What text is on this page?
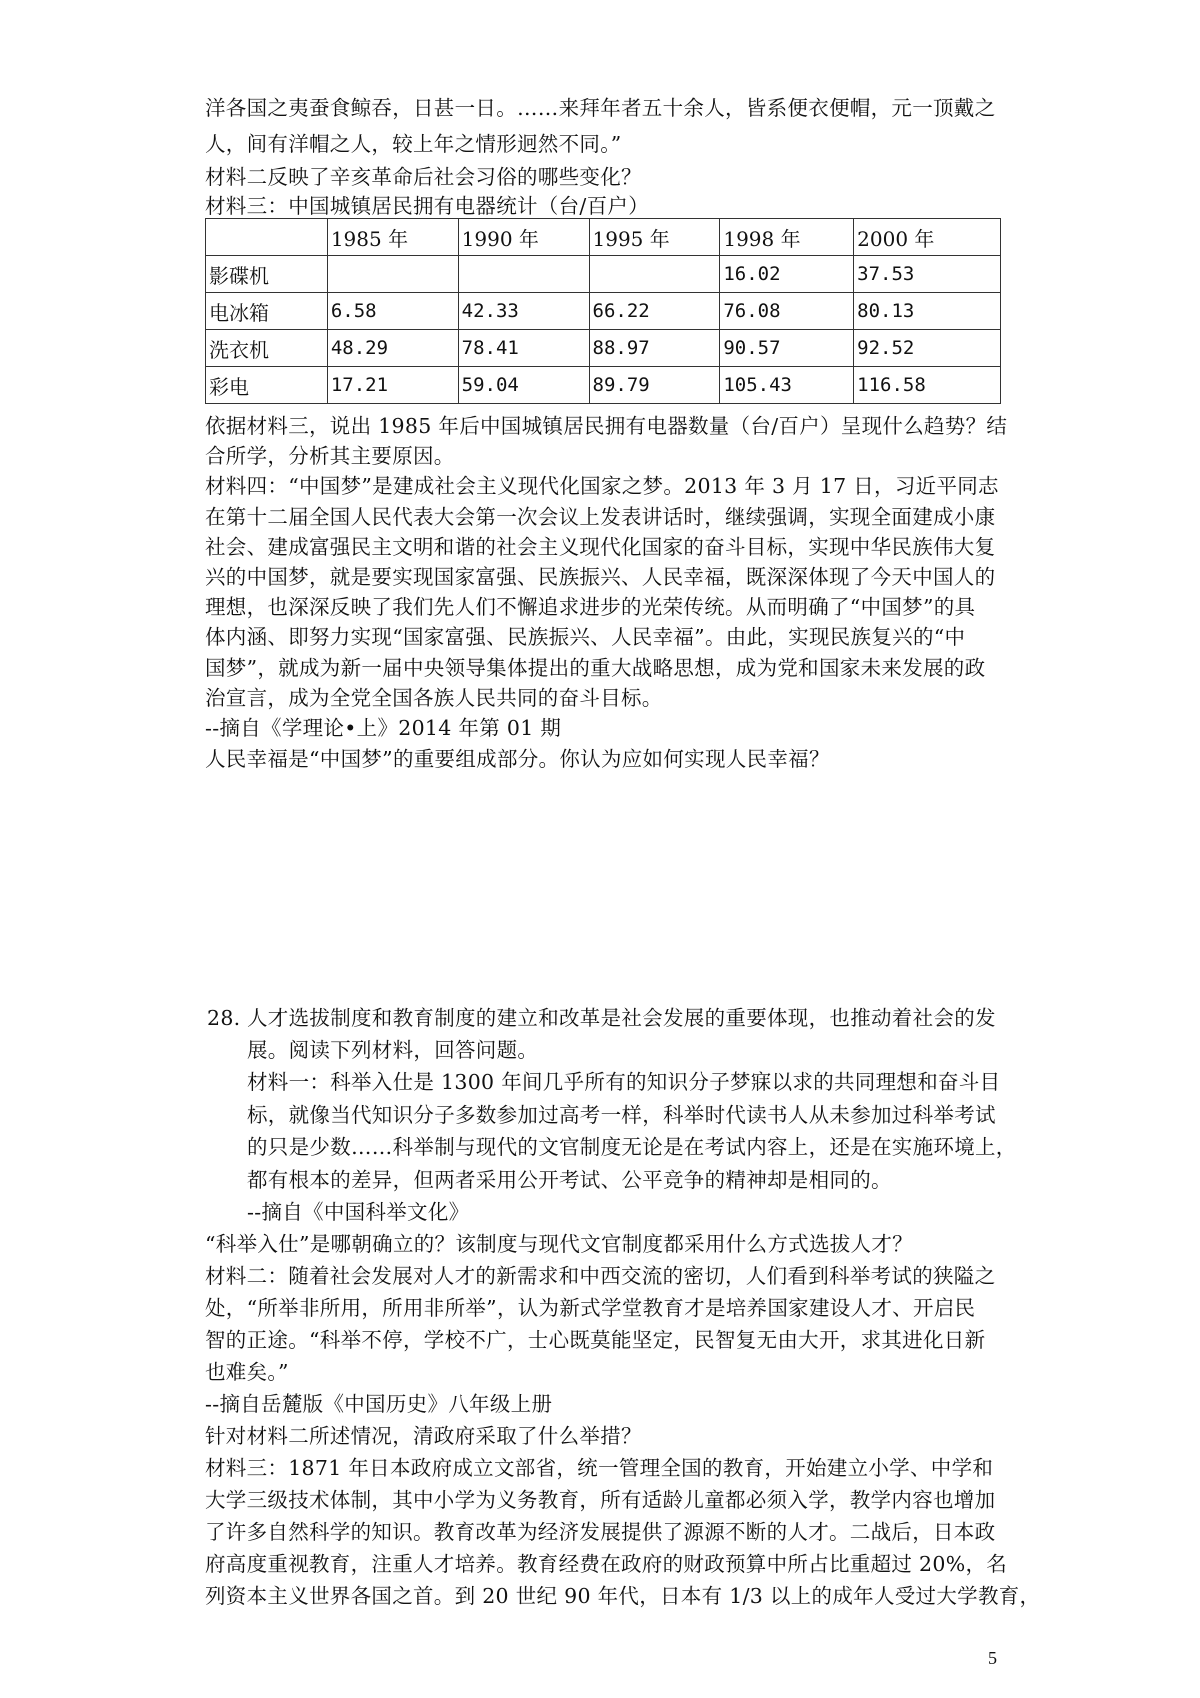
洋各国之夷蚕食鲸吞，日甚一日。……来拜年者五十余人，皆系便衣便帽，元一顶戴之
人，间有洋帽之人，较上年之情形迥然不同。”
材料二反映了辛亥革命后社会习俗的哪些变化？
材料三：中国城镇居民拥有电器统计（台/百户）
	1985 年	1990 年	1995 年	1998 年	2000 年
影碟机				16.02	37.53
电冰箱	6.58	42.33	66.22	76.08	80.13
洗衣机	48.29	78.41	88.97	90.57	92.52
彩电	17.21	59.04	89.79	105.43	116.58
依据材料三，说出 1985 年后中国城镇居民拥有电器数量（台/百户）呈现什么趋势？结
合所学，分析其主要原因。
材料四：“中国梦”是建成社会主义现代化国家之梦。2013 年 3 月 17 日，习近平同志
在第十二届全国人民代表大会第一次会议上发表讲话时，继续强调，实现全面建成小康
社会、建成富强民主文明和谐的社会主义现代化国家的奋斗目标，实现中华民族伟大复
兴的中国梦，就是要实现国家富强、民族振兴、人民幸福，既深深体现了今天中国人的
理想，也深深反映了我们先人们不懈追求进步的光荣传统。从而明确了“中国梦”的具
体内涵、即努力实现“国家富强、民族振兴、人民幸福”。由此，实现民族复兴的“中
国梦”，就成为新一届中央领导集体提出的重大战略思想，成为党和国家未来发展的政
治宣言，成为全党全国各族人民共同的奋斗目标。
--摘自《学理论•上》2014 年第 01 期
人民幸福是“中国梦”的重要组成部分。你认为应如何实现人民幸福？
28. 人才选拔制度和教育制度的建立和改革是社会发展的重要体现，也推动着社会的发
展。阅读下列材料，回答问题。
材料一：科举入仕是 1300 年间几乎所有的知识分子梦寐以求的共同理想和奋斗目
标，就像当代知识分子多数参加过高考一样，科举时代读书人从未参加过科举考试
的只是少数……科举制与现代的文官制度无论是在考试内容上，还是在实施环境上，
都有根本的差异，但两者采用公开考试、公平竞争的精神却是相同的。
--摘自《中国科举文化》
“科举入仕”是哪朝确立的？该制度与现代文官制度都采用什么方式选拔人才？
材料二：随着社会发展对人才的新需求和中西交流的密切，人们看到科举考试的狭隘之
处，“所举非所用，所用非所举”，认为新式学堂教育才是培养国家建设人才、开启民
智的正途。“科举不停，学校不广，士心既莫能坚定，民智复无由大开，求其进化日新
也难矣。”
--摘自岳麓版《中国历史》八年级上册
针对材料二所述情况，清政府采取了什么举措？
材料三：1871 年日本政府成立文部省，统一管理全国的教育，开始建立小学、中学和
大学三级技术体制，其中小学为义务教育，所有适龄儿童都必须入学，教学内容也增加
了许多自然科学的知识。教育改革为经济发展提供了源源不断的人才。二战后，日本政
府高度重视教育，注重人才培养。教育经费在政府的财政预算中所占比重超过 20%，名
列资本主义世界各国之首。到 20 世纪 90 年代，日本有 1/3 以上的成年人受过大学教育，
5
